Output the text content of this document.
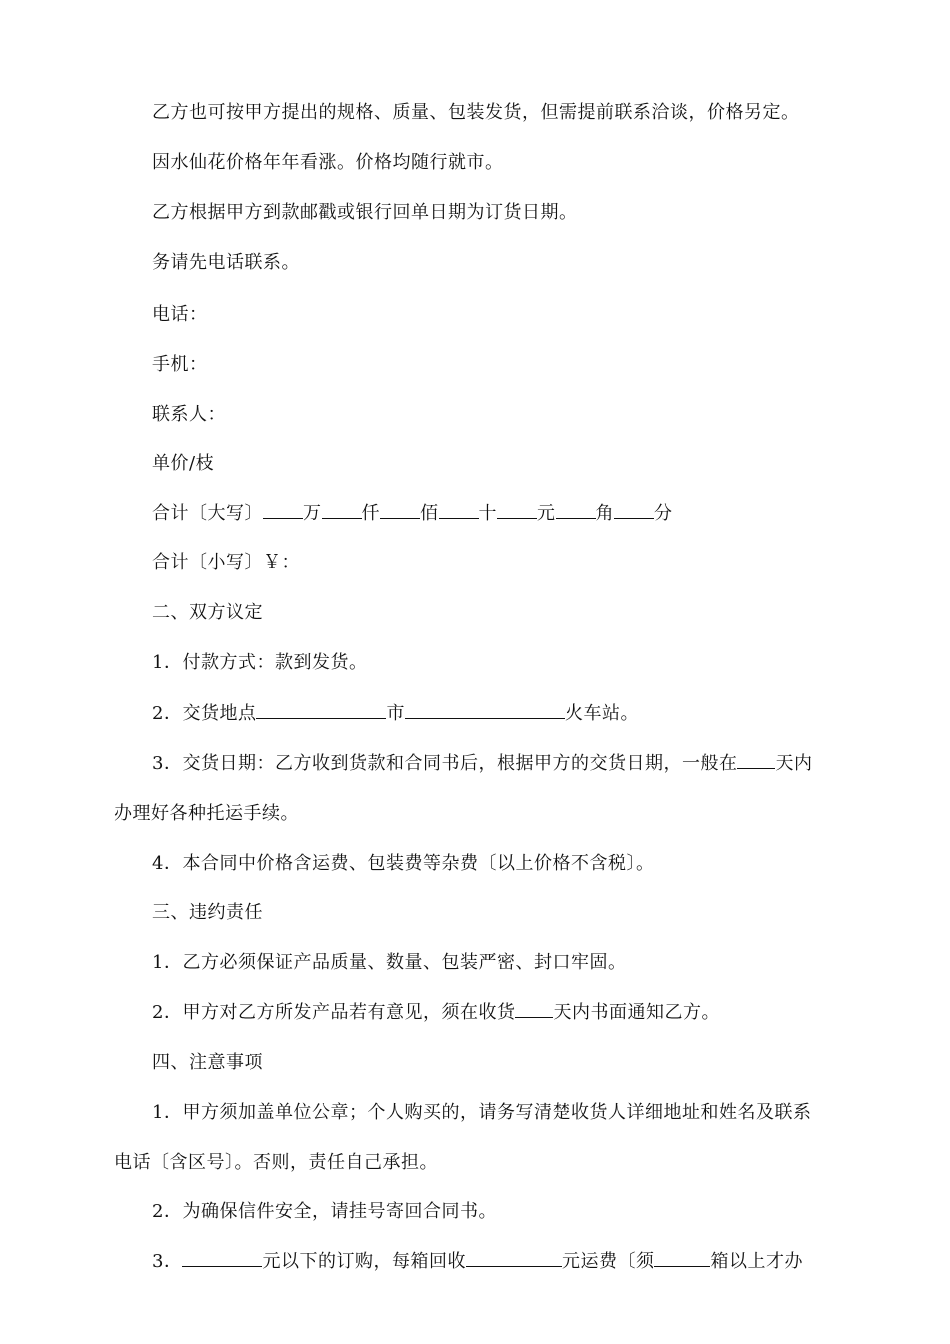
乙方也可按甲方提出的规格、质量、包装发货，但需提前联系洽谈，价格另定。
因水仙花价格年年看涨。价格均随行就市。
乙方根据甲方到款邮戳或银行回单日期为订货日期。
务请先电话联系。
电话：
手机：
联系人：
单价/枝
合计〔大写〕 万 仟 佰 十 元 角 分
合计〔小写〕￥：
二、双方议定
1．付款方式：款到发货。
2．交货地点	市	火车站。
3．交货日期：乙方收到货款和合同书后，根据甲方的交货日期，一般在 天内
办理好各种托运手续。
4．本合同中价格含运费、包装费等杂费〔以上价格不含税〕。
三、违约责任
1．乙方必须保证产品质量、数量、包装严密、封口牢固。
2．甲方对乙方所发产品若有意见，须在收货 天内书面通知乙方。
四、注意事项
1．甲方须加盖单位公章；个人购买的，请务写清楚收货人详细地址和姓名及联系
电话〔含区号〕。否则，责任自己承担。
2．为确保信件安全，请挂号寄回合同书。
3．	元以下的订购，每箱回收	元运费〔须	箱以上才办
